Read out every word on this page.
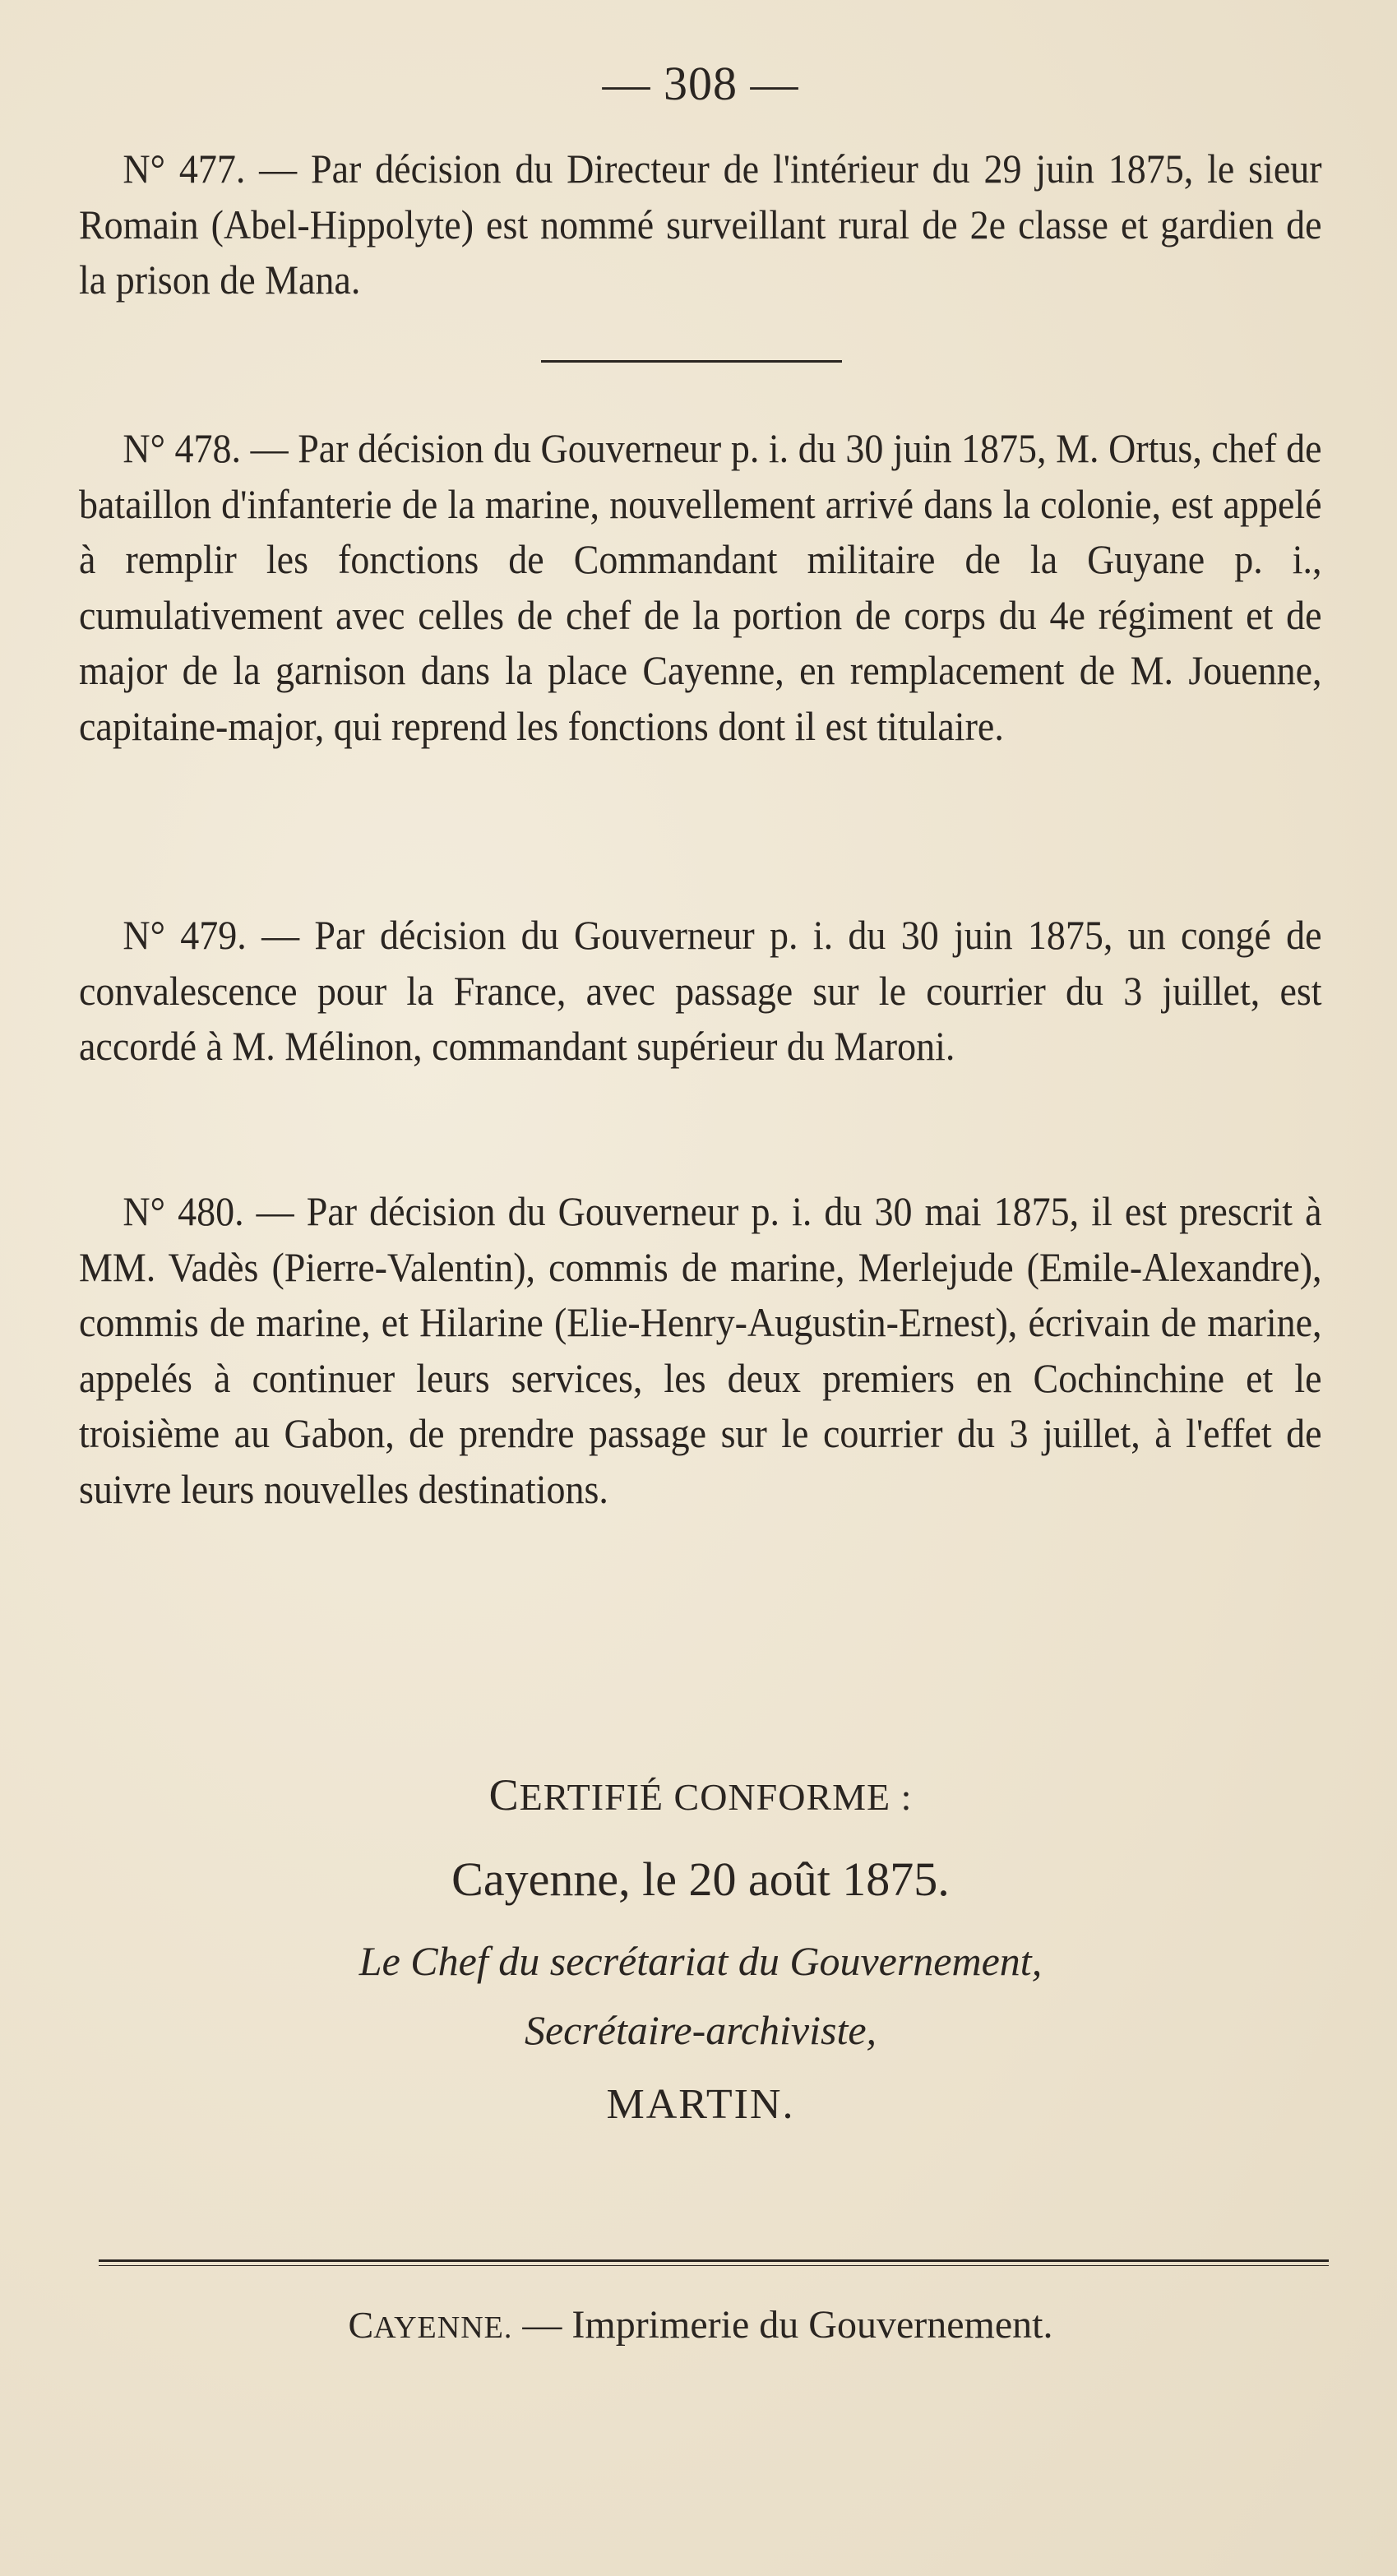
— 308 —

N° 477. — Par décision du Directeur de l'intérieur du 29 juin 1875, le sieur Romain (Abel-Hippolyte) est nommé surveillant rural de 2e classe et gardien de la prison de Mana.

N° 478. — Par décision du Gouverneur p. i. du 30 juin 1875, M. Ortus, chef de bataillon d'infanterie de la marine, nouvellement arrivé dans la colonie, est appelé à remplir les fonctions de Commandant militaire de la Guyane p. i., cumulativement avec celles de chef de la portion de corps du 4e régiment et de major de la garnison dans la place Cayenne, en remplacement de M. Jouenne, capitaine-major, qui reprend les fonctions dont il est titulaire.

N° 479. — Par décision du Gouverneur p. i. du 30 juin 1875, un congé de convalescence pour la France, avec passage sur le courrier du 3 juillet, est accordé à M. Mélinon, commandant supérieur du Maroni.

N° 480. — Par décision du Gouverneur p. i. du 30 mai 1875, il est prescrit à MM. Vadès (Pierre-Valentin), commis de marine, Merlejude (Emile-Alexandre), commis de marine, et Hilarine (Elie-Henry-Augustin-Ernest), écrivain de marine, appelés à continuer leurs services, les deux premiers en Cochinchine et le troisième au Gabon, de prendre passage sur le courrier du 3 juillet, à l'effet de suivre leurs nouvelles destinations.

CERTIFIÉ CONFORME :
Cayenne, le 20 août 1875.
Le Chef du secrétariat du Gouvernement,
Secrétaire-archiviste,
MARTIN.
CAYENNE. — Imprimerie du Gouvernement.
